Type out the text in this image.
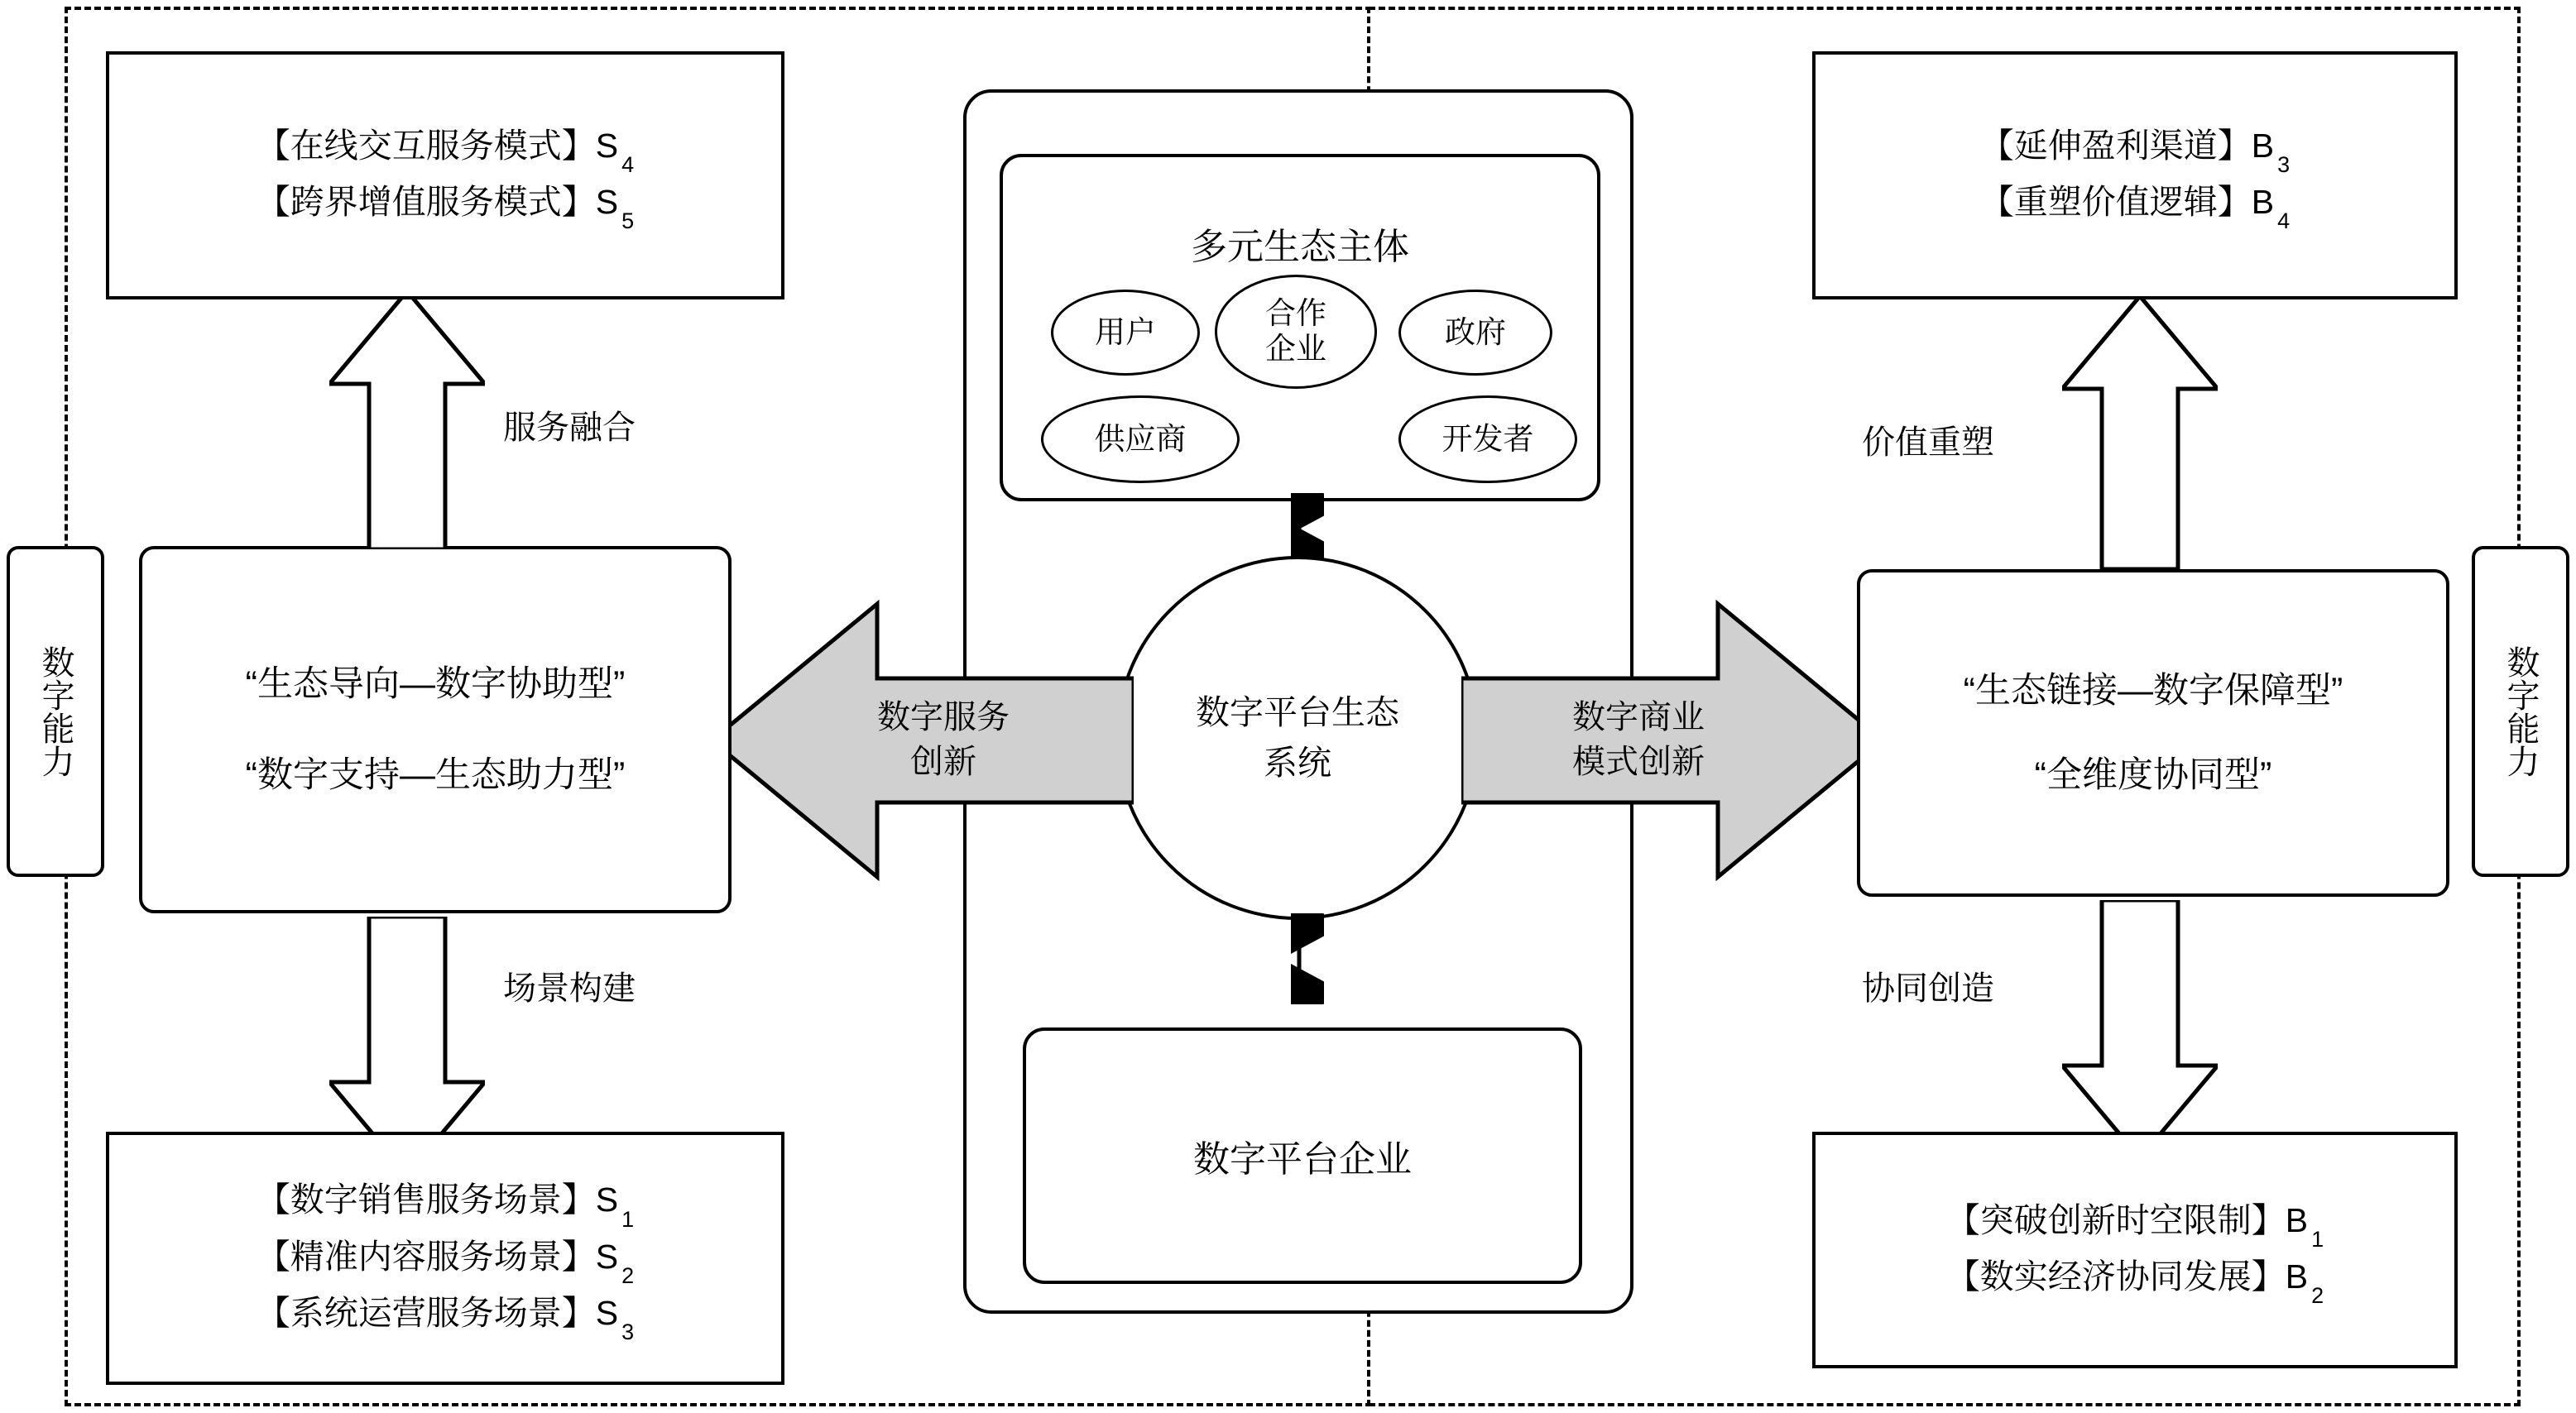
数字能力	数字能力
多元生态主体
用户
合作
企业	政府
供应商	开发者
数字平台生态
系统
数字平台企业
数字服务
创新
数字商业
模式创新
“生态导向—数字协助型”
“数字支持—生态助力型”
服务融合
场景构建
【在线交互服务模式】$S_4$
【跨界增值服务模式】$S_5$
【数字销售服务场景】$S_1$
【精准内容服务场景】$S_2$
【系统运营服务场景】$S_3$
“生态链接—数字保障型”
“全维度协同型”
价值重塑
协同创造
【延伸盈利渠道】$B_3$
【重塑价值逻辑】$B_4$
【突破创新时空限制】$B_1$
【数实经济协同发展】$B_2$
